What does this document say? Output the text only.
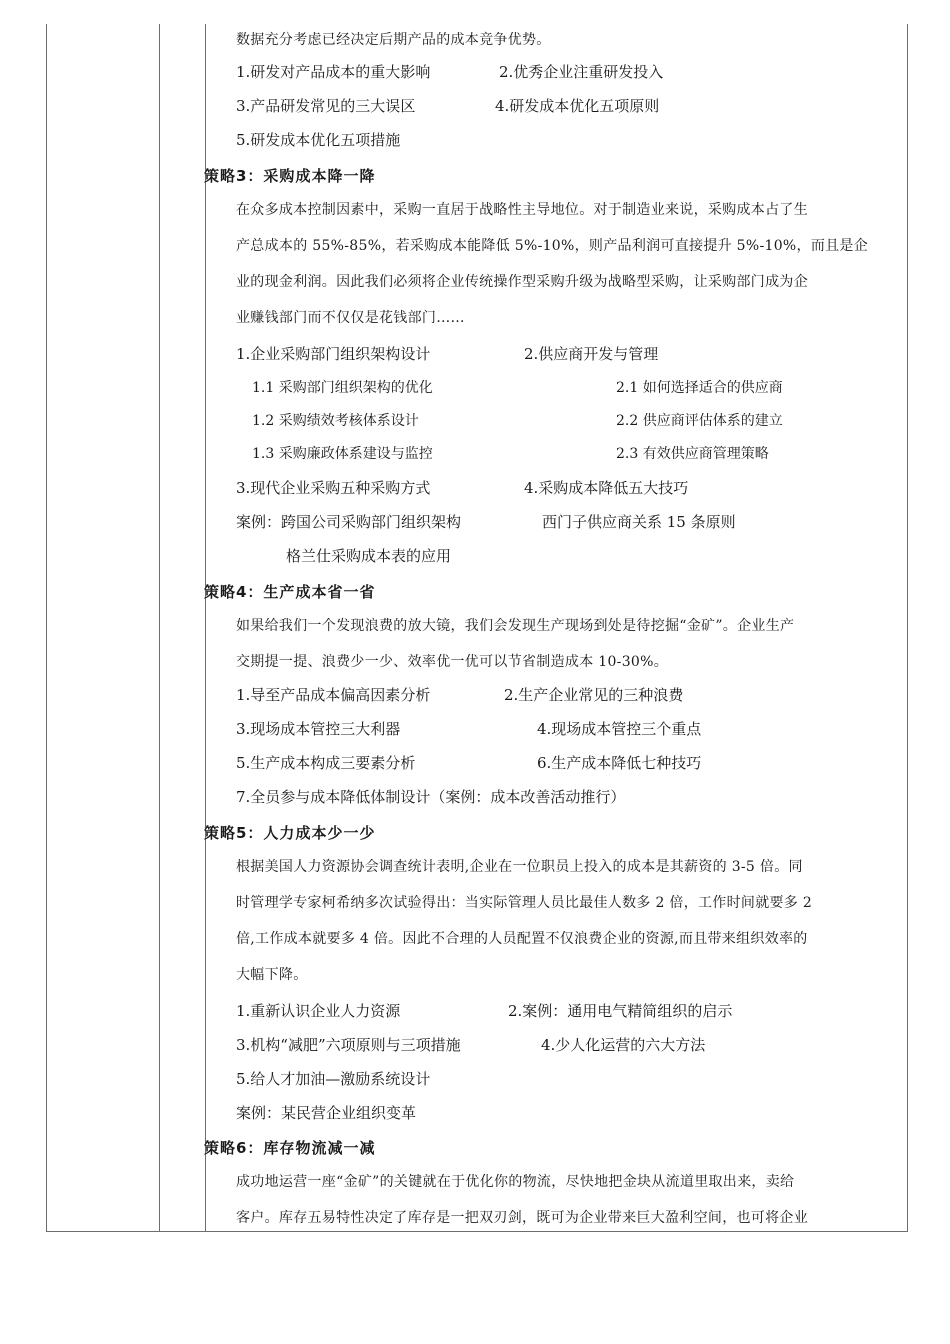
数据充分考虑已经决定后期产品的成本竞争优势。
1.研发对产品成本的重大影响	2.优秀企业注重研发投入
3.产品研发常见的三大误区	4.研发成本优化五项原则
5.研发成本优化五项措施
策略3：采购成本降一降
在众多成本控制因素中，采购一直居于战略性主导地位。对于制造业来说，采购成本占了生
产总成本的 55%-85%，若采购成本能降低 5%-10%，则产品利润可直接提升 5%-10%，而且是企
业的现金利润。因此我们必须将企业传统操作型采购升级为战略型采购，让采购部门成为企
业赚钱部门而不仅仅是花钱部门……
1.企业采购部门组织架构设计	2.供应商开发与管理
1.1 采购部门组织架构的优化	2.1 如何选择适合的供应商
1.2 采购绩效考核体系设计	2.2 供应商评估体系的建立
1.3 采购廉政体系建设与监控	2.3 有效供应商管理策略
3.现代企业采购五种采购方式	4.采购成本降低五大技巧
案例：跨国公司采购部门组织架构	西门子供应商关系 15 条原则
格兰仕采购成本表的应用
策略4：生产成本省一省
如果给我们一个发现浪费的放大镜，我们会发现生产现场到处是待挖掘“金矿”。企业生产
交期提一提、浪费少一少、效率优一优可以节省制造成本 10-30%。
1.导至产品成本偏高因素分析	2.生产企业常见的三种浪费
3.现场成本管控三大利器	4.现场成本管控三个重点
5.生产成本构成三要素分析	6.生产成本降低七种技巧
7.全员参与成本降低体制设计（案例：成本改善活动推行）
策略5：人力成本少一少
根据美国人力资源协会调查统计表明,企业在一位职员上投入的成本是其薪资的 3-5 倍。同
时管理学专家柯希纳多次试验得出：当实际管理人员比最佳人数多 2 倍，工作时间就要多 2
倍,工作成本就要多 4 倍。因此不合理的人员配置不仅浪费企业的资源,而且带来组织效率的
大幅下降。
1.重新认识企业人力资源	2.案例：通用电气精简组织的启示
3.机构“减肥”六项原则与三项措施	4.少人化运营的六大方法
5.给人才加油—激励系统设计
案例：某民营企业组织变革
策略6：库存物流减一减
成功地运营一座“金矿”的关键就在于优化你的物流，尽快地把金块从流道里取出来，卖给
客户。库存五易特性决定了库存是一把双刃剑，既可为企业带来巨大盈利空间，也可将企业
